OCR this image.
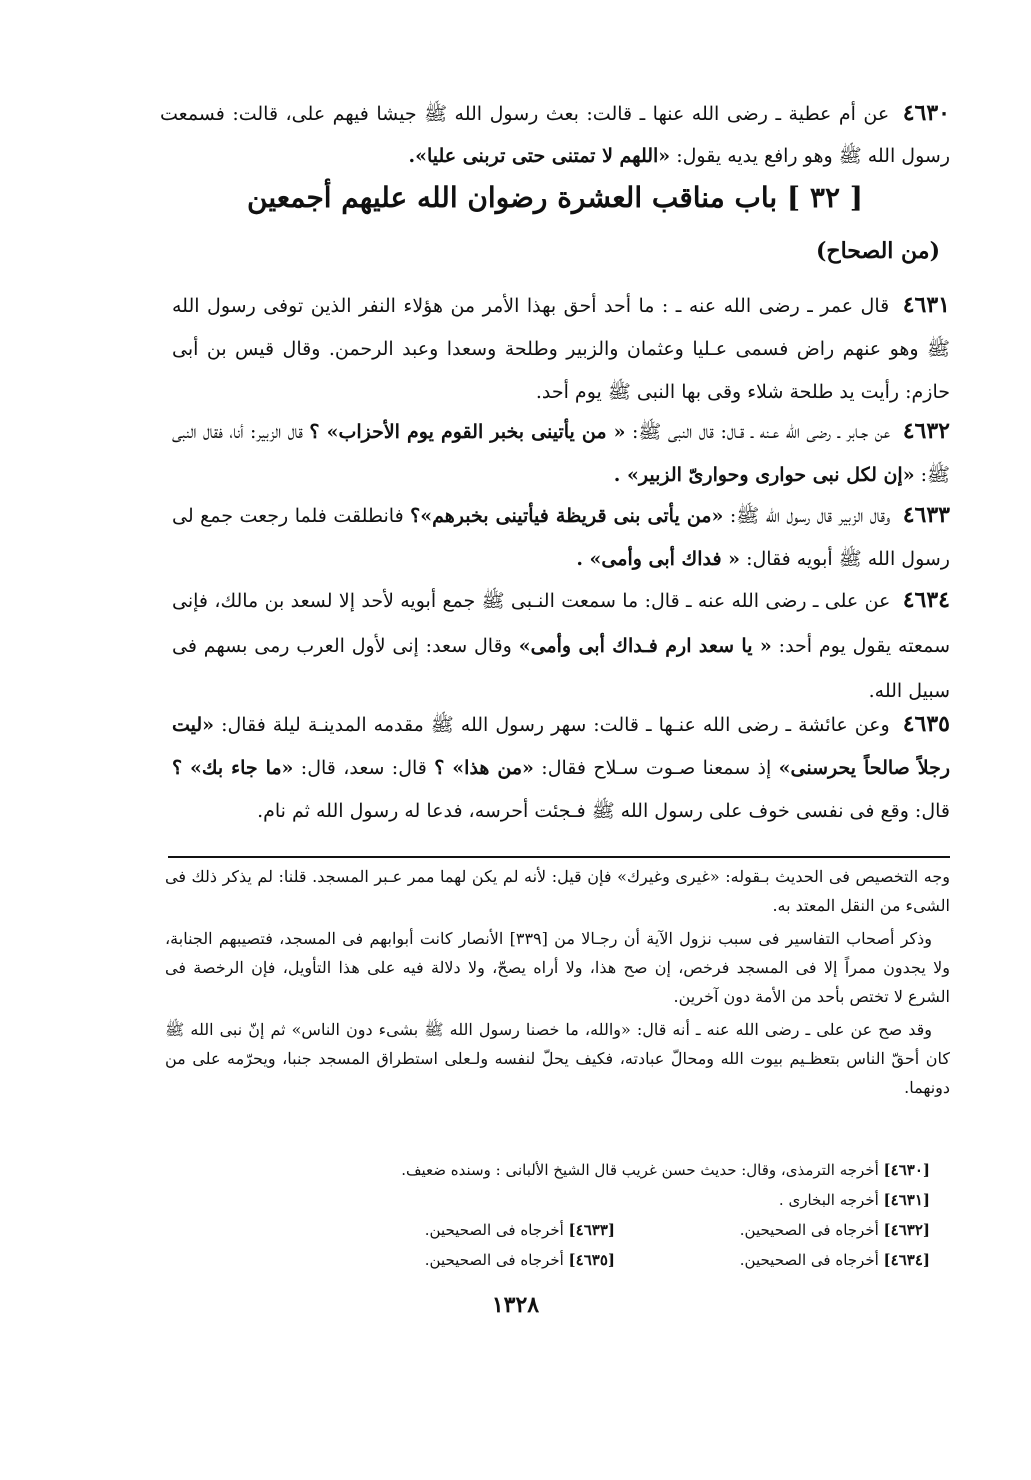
٤٦٣٠ عن أم عطية ـ رضى الله عنها ـ قالت: بعث رسول الله ﷺ جيشا فيهم على، قالت: فسمعت رسول الله ﷺ وهو رافع يديه يقول: «اللهم لا تمتنى حتى تربنى عليا».
[ ٣٢ ] باب مناقب العشرة رضوان الله عليهم أجمعين
(من الصحاح)
٤٦٣١ قال عمر ـ رضى الله عنه ـ : ما أحد أحق بهذا الأمر من هؤلاء النفر الذين توفى رسول الله ﷺ وهو عنهم راض فسمى عـليا وعثمان والزبير وطلحة وسعدا وعبد الرحمن. وقال قيس بن أبى حازم: رأيت يد طلحة شلاء وقى بها النبى ﷺ يوم أحد.
٤٦٣٢ عن جـابر ـ رضى الله عـنه ـ قـال: قال النبى ﷺ: « من يأتينى بخبر القوم يوم الأحزاب» ؟ قال الزبير: أنا، فقال النبى ﷺ: «إن لكل نبى حوارى وحوارىّ الزبير» .
٤٦٣٣ وقال الزبير قال رسول الله ﷺ: «من يأتى بنى قريظة فيأتينى بخبرهم»؟ فانطلقت فلما رجعت جمع لى رسول الله ﷺ أبويه فقال: « فداك أبى وأمى» .
٤٦٣٤ عن على ـ رضى الله عنه ـ قال: ما سمعت النـبى ﷺ جمع أبويه لأحد إلا لسعد بن مالك، فإنى سمعته يقول يوم أحد: « يا سعد ارم فـداك أبى وأمى» وقال سعد: إنى لأول العرب رمى بسهم فى سبيل الله.
٤٦٣٥ وعن عائشة ـ رضى الله عنـها ـ قالت: سهر رسول الله ﷺ مقدمه المدينـة ليلة فقال: «ليت رجلاً صالحاً يحرسنى» إذ سمعنا صـوت سـلاح فقال: «من هذا» ؟ قال: سعد، قال: «ما جاء بك» ؟ قال: وقع فى نفسى خوف على رسول الله ﷺ فـجئت أحرسه، فدعا له رسول الله ثم نام.

وجه التخصيص فى الحديث بـقوله: «غيرى وغيرك» فإن قيل: لأنه لم يكن لهما ممر عـبر المسجد. قلنا: لم يذكر ذلك فى الشىء من النقل المعتد به.

وذكر أصحاب التفاسير فى سبب نزول الآية أن رجـالا من [٣٣٩] الأنصار كانت أبوابهم فى المسجد، فتصيبهم الجنابة، ولا يجدون ممراً إلا فى المسجد فرخص، إن صح هذا، ولا أراه يصحّ، ولا دلالة فيه على هذا التأويل، فإن الرخصة فى الشرع لا تختص بأحد من الأمة دون آخرين.

وقد صح عن على ـ رضى الله عنه ـ أنه قال: «والله، ما خصنا رسول الله ﷺ بشىء دون الناس» ثم إنّ نبى الله ﷺ كان أحقّ الناس بتعظـيم بيوت الله ومحالّ عبادته، فكيف يحلّ لنفسه ولـعلى استطراق المسجد جنبا، ويحرّمه على من دونهما.

[٤٦٣٠] أخرجه الترمذى، وقال: حديث حسن غريب قال الشيخ الألبانى : وسنده ضعيف.
[٤٦٣١] أخرجه البخارى .
[٤٦٣٢] أخرجاه فى الصحيحين.
[٤٦٣٣] أخرجاه فى الصحيحين.
[٤٦٣٤] أخرجاه فى الصحيحين.
[٤٦٣٥] أخرجاه فى الصحيحين.
١٣٢٨
